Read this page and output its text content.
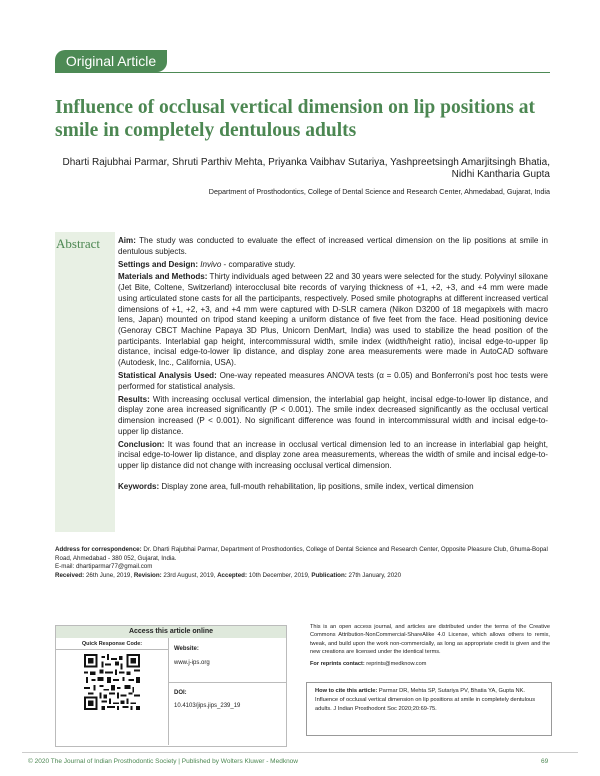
Original Article
Influence of occlusal vertical dimension on lip positions at smile in completely dentulous adults
Dharti Rajubhai Parmar, Shruti Parthiv Mehta, Priyanka Vaibhav Sutariya, Yashpreetsingh Amarjitsingh Bhatia,
Nidhi Kantharia Gupta
Department of Prosthodontics, College of Dental Science and Research Center, Ahmedabad, Gujarat, India
Abstract Aim: The study was conducted to evaluate the effect of increased vertical dimension on the lip positions at smile in dentulous subjects.

Settings and Design: Invivo - comparative study.

Materials and Methods: Thirty individuals aged between 22 and 30 years were selected for the study. Polyvinyl siloxane (Jet Bite, Coltene, Switzerland) interocclusal bite records of varying thickness of +1, +2, +3, and +4 mm were made using articulated stone casts for all the participants, respectively. Posed smile photographs at different increased vertical dimensions of +1, +2, +3, and +4 mm were captured with D-SLR camera (Nikon D3200 of 18 megapixels with macro lens, Japan) mounted on tripod stand keeping a uniform distance of five feet from the face. Head positioning device (Genoray CBCT Machine Papaya 3D Plus, Unicorn DenMart, India) was used to stabilize the head position of the participants. Interlabial gap height, intercommissural width, smile index (width/height ratio), incisal edge-to-upper lip distance, incisal edge-to-lower lip distance, and display zone area measurements were made in AutoCAD software (Autodesk, Inc., California, USA).

Statistical Analysis Used: One-way repeated measures ANOVA tests (α = 0.05) and Bonferroni's post hoc tests were performed for statistical analysis.

Results: With increasing occlusal vertical dimension, the interlabial gap height, incisal edge-to-lower lip distance, and display zone area increased significantly (P < 0.001). The smile index decreased significantly as the occlusal vertical dimension increased (P < 0.001). No significant difference was found in intercommissural width and incisal edge-to-upper lip distance.

Conclusion: It was found that an increase in occlusal vertical dimension led to an increase in interlabial gap height, incisal edge-to-lower lip distance, and display zone area measurements, whereas the width of smile and incisal edge-to-upper lip distance did not change with increasing occlusal vertical dimension.

Keywords: Display zone area, full-mouth rehabilitation, lip positions, smile index, vertical dimension

Address for correspondence: Dr. Dharti Rajubhai Parmar, Department of Prosthodontics, College of Dental Science and Research Center, Opposite Pleasure Club, Ghuma-Bopal Road, Ahmedabad - 380 052, Gujarat, India.
E-mail: dhartiparmar77@gmail.com
Received: 26th June, 2019, Revision: 23rd August, 2019, Accepted: 10th December, 2019, Publication: 27th January, 2020
Access this article online
Quick Response Code:
Website:
www.j-ips.org
DOI:
10.4103/jips.jips_239_19
This is an open access journal, and articles are distributed under the terms of the Creative Commons Attribution-NonCommercial-ShareAlike 4.0 License, which allows others to remix, tweak, and build upon the work non-commercially, as long as appropriate credit is given and the new creations are licensed under the identical terms.
For reprints contact: reprints@medknow.com
How to cite this article: Parmar DR, Mehta SP, Sutariya PV, Bhatia YA, Gupta NK. Influence of occlusal vertical dimension on lip positions at smile in completely dentulous adults. J Indian Prosthodont Soc 2020;20:69-75.
© 2020 The Journal of Indian Prosthodontic Society | Published by Wolters Kluwer - Medknow	69
